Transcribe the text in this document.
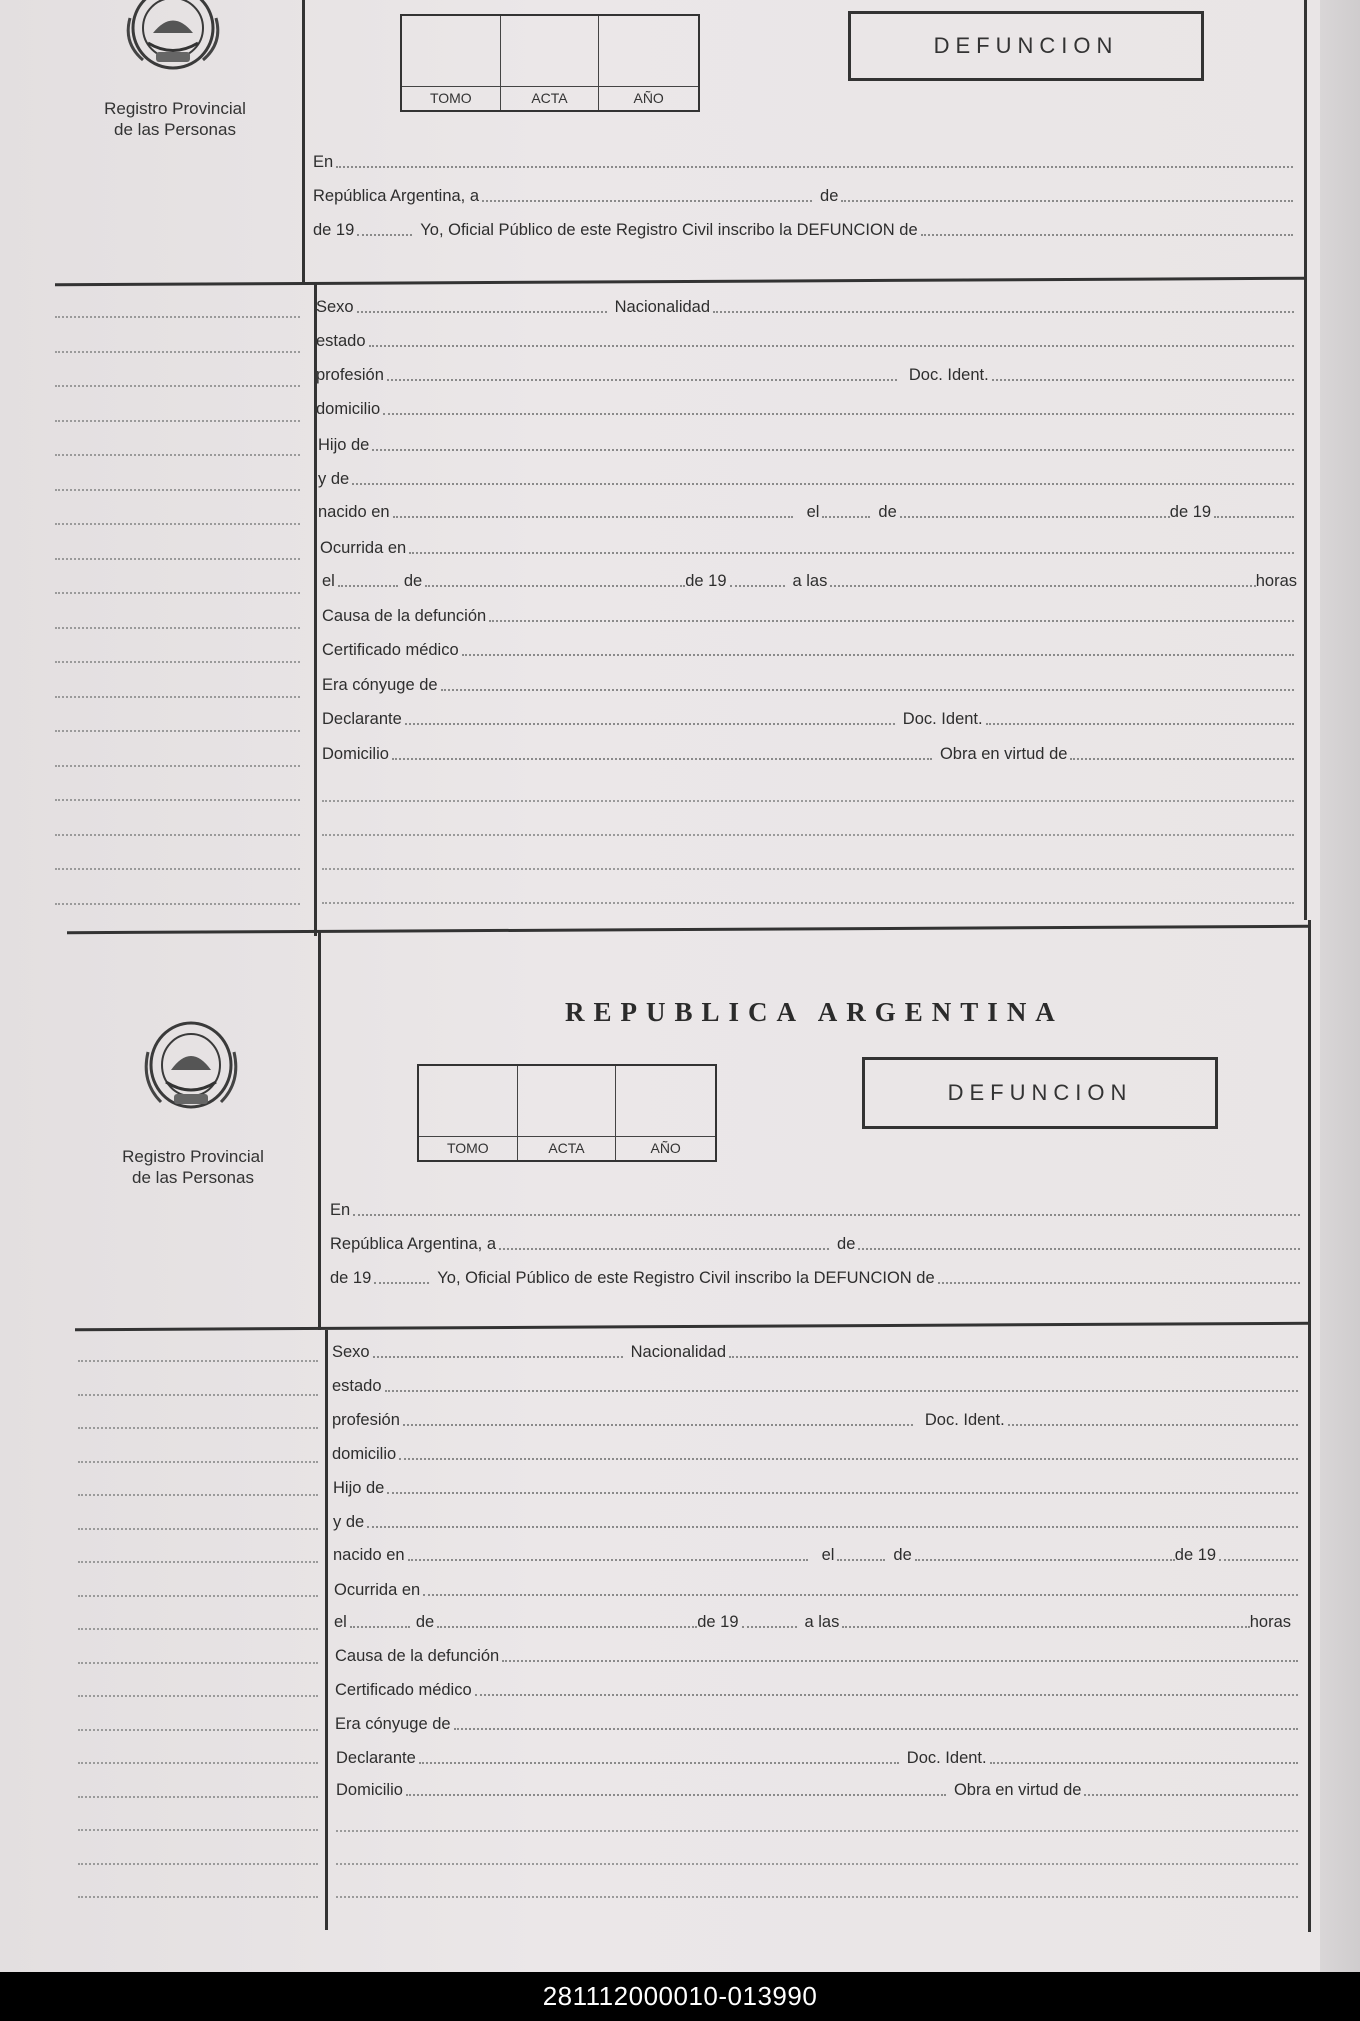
Registro Provincial
de las Personas
TOMO	ACTA	AÑO
DEFUNCION
En
República Argentina, a	de
de 19	Yo, Oficial Público de este Registro Civil inscribo la DEFUNCION de
Sexo	Nacionalidad
estado
profesión	Doc. Ident.
domicilio
Hijo de
y de
nacido en	el	de	de 19
Ocurrida en
el	de	de 19	a las	horas
Causa de la defunción
Certificado médico
Era cónyuge de
Declarante	Doc. Ident.
Domicilio	Obra en virtud de
REPUBLICA ARGENTINA
Registro Provincial
de las Personas
TOMO	ACTA	AÑO
DEFUNCION
En
República Argentina, a	de
de 19	Yo, Oficial Público de este Registro Civil inscribo la DEFUNCION de
Sexo	Nacionalidad
estado
profesión	Doc. Ident.
domicilio
Hijo de
y de
nacido en	el	de	de 19
Ocurrida en
el	de	de 19	a las	horas
Causa de la defunción
Certificado médico
Era cónyuge de
Declarante	Doc. Ident.
Domicilio	Obra en virtud de
281112000010-013990
